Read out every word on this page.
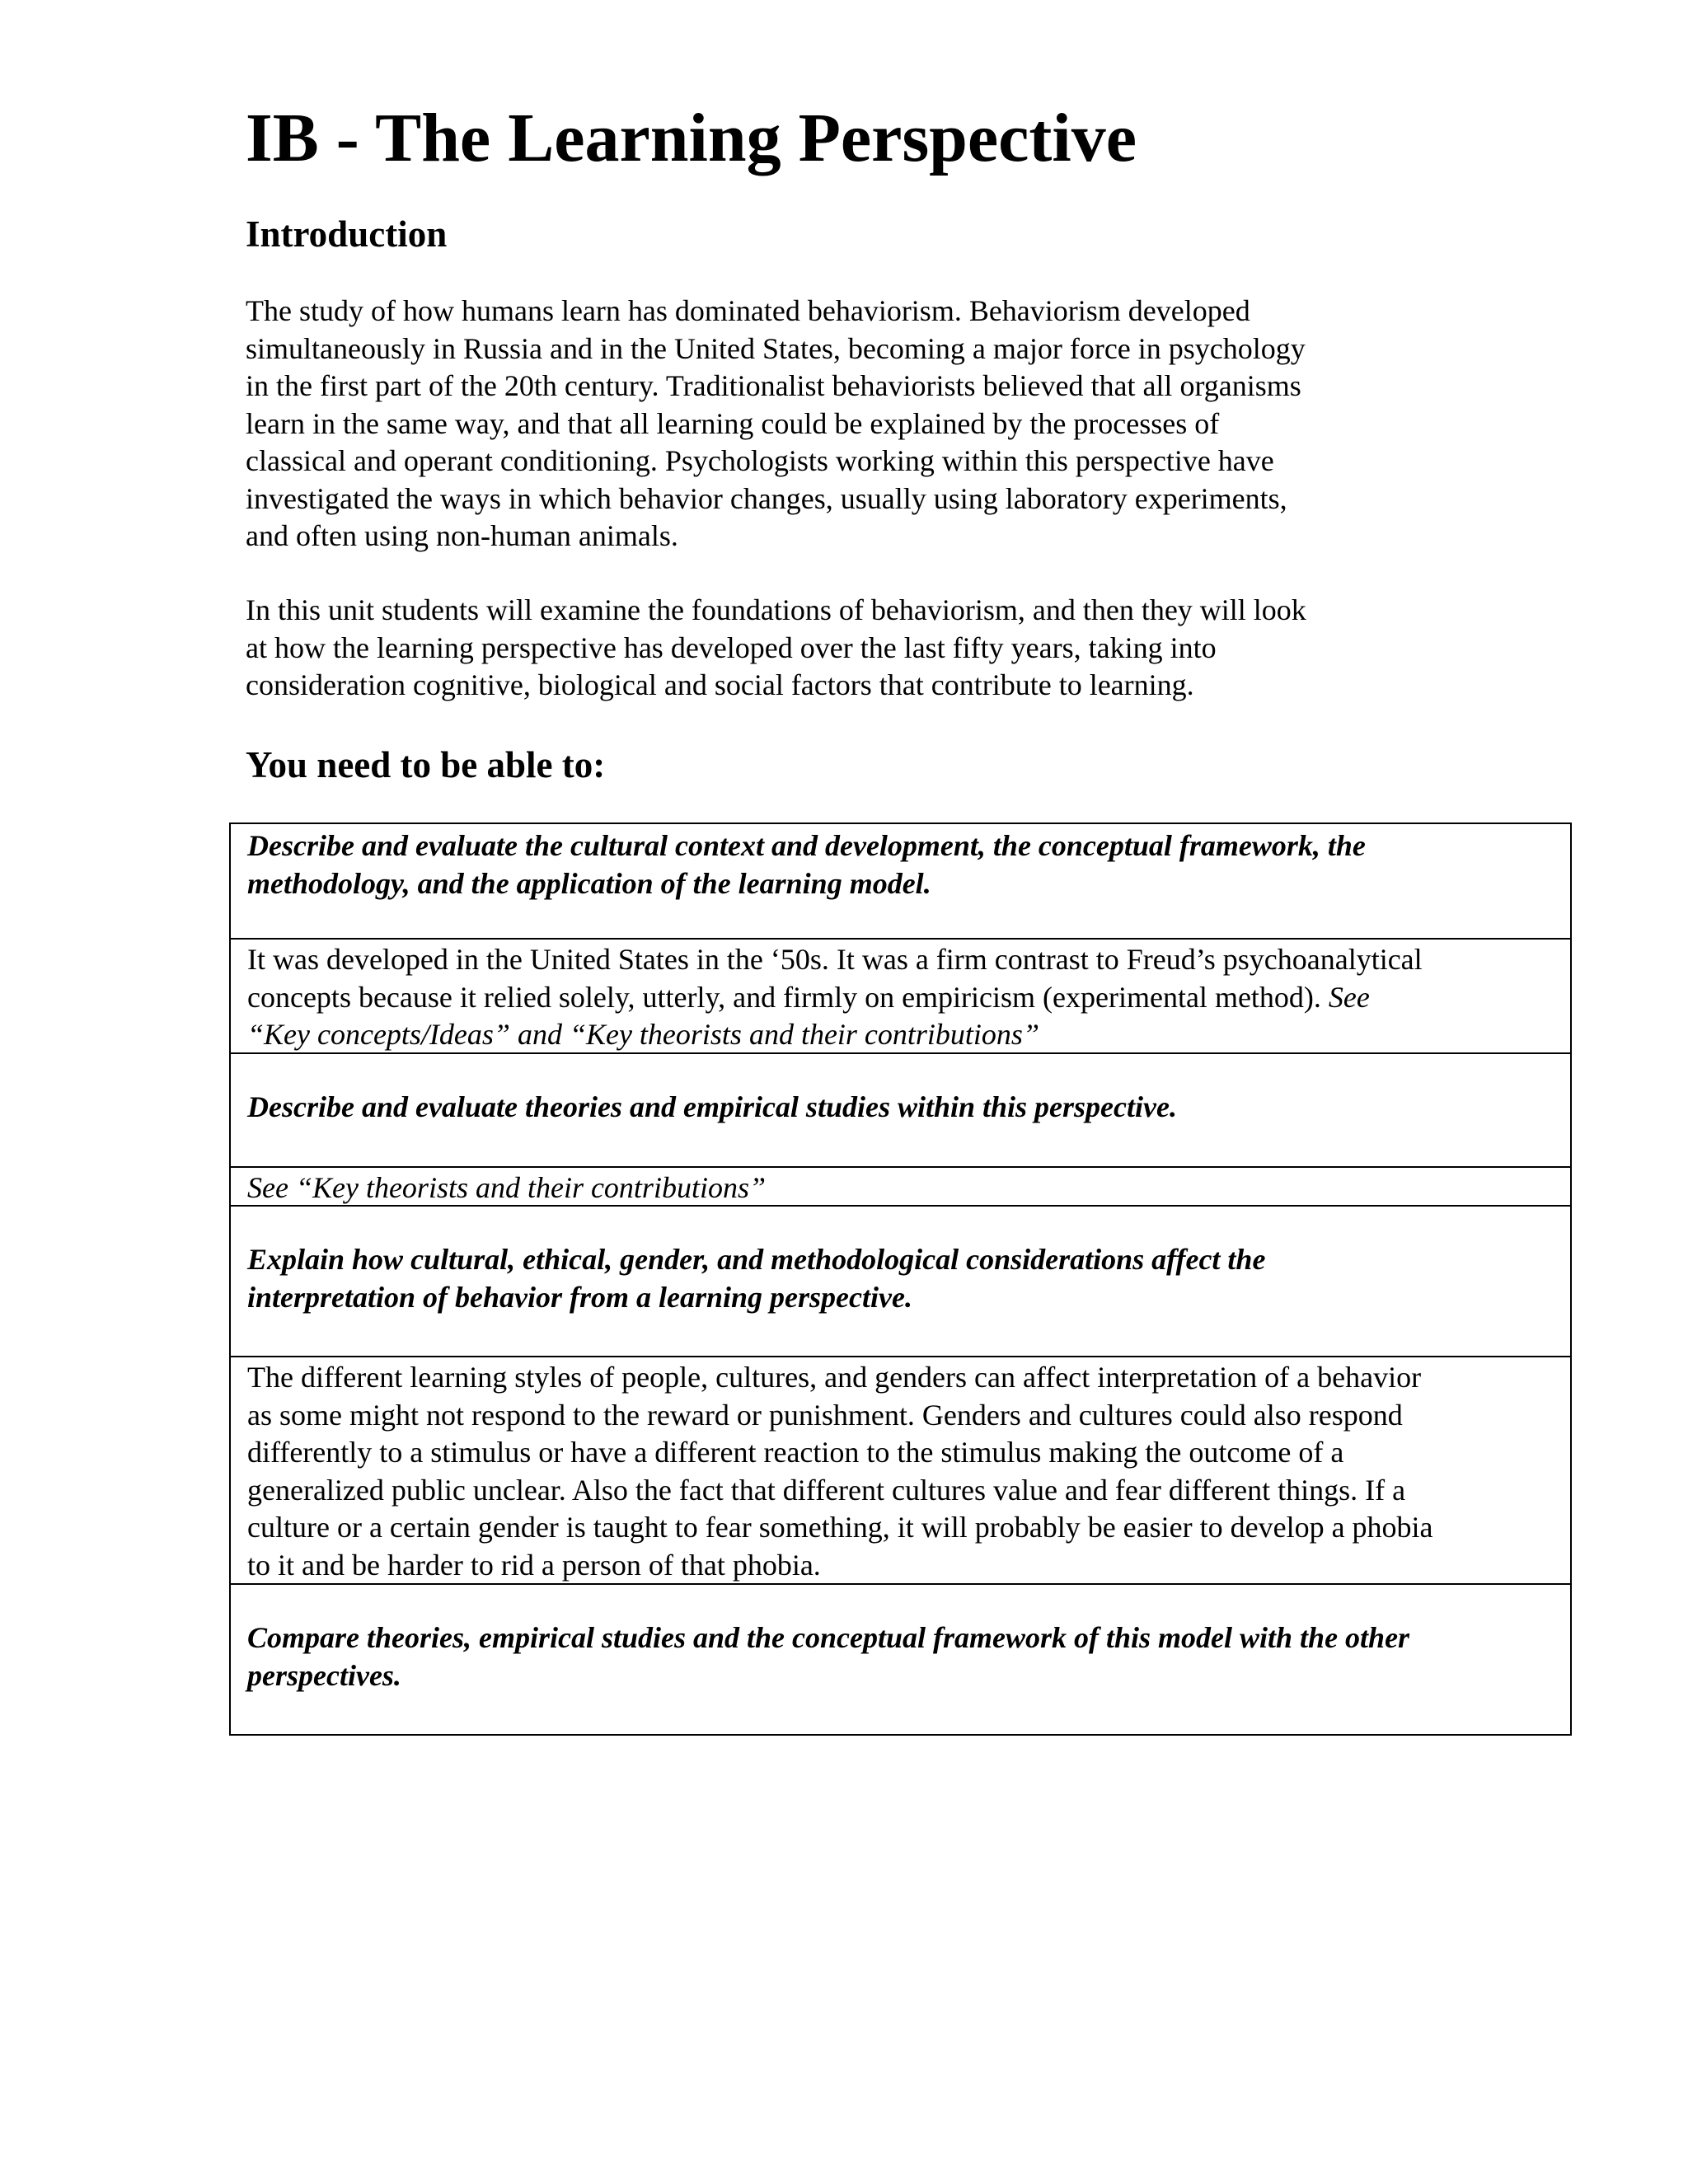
IB - The Learning Perspective
Introduction

The study of how humans learn has dominated behaviorism. Behaviorism developed
simultaneously in Russia and in the United States, becoming a major force in psychology
in the first part of the 20th century. Traditionalist behaviorists believed that all organisms
learn in the same way, and that all learning could be explained by the processes of
classical and operant conditioning. Psychologists working within this perspective have
investigated the ways in which behavior changes, usually using laboratory experiments,
and often using non-human animals.

In this unit students will examine the foundations of behaviorism, and then they will look
at how the learning perspective has developed over the last fifty years, taking into
consideration cognitive, biological and social factors that contribute to learning.

You need to be able to:
Describe and evaluate the cultural context and development, the conceptual framework, the
methodology, and the application of the learning model.
It was developed in the United States in the ‘50s. It was a firm contrast to Freud’s psychoanalytical
concepts because it relied solely, utterly, and firmly on empiricism (experimental method). See
“Key concepts/Ideas” and “Key theorists and their contributions”
Describe and evaluate theories and empirical studies within this perspective.
See “Key theorists and their contributions”
Explain how cultural, ethical, gender, and methodological considerations affect the
interpretation of behavior from a learning perspective.
The different learning styles of people, cultures, and genders can affect interpretation of a behavior
as some might not respond to the reward or punishment. Genders and cultures could also respond
differently to a stimulus or have a different reaction to the stimulus making the outcome of a
generalized public unclear. Also the fact that different cultures value and fear different things. If a
culture or a certain gender is taught to fear something, it will probably be easier to develop a phobia
to it and be harder to rid a person of that phobia.
Compare theories, empirical studies and the conceptual framework of this model with the other
perspectives.
